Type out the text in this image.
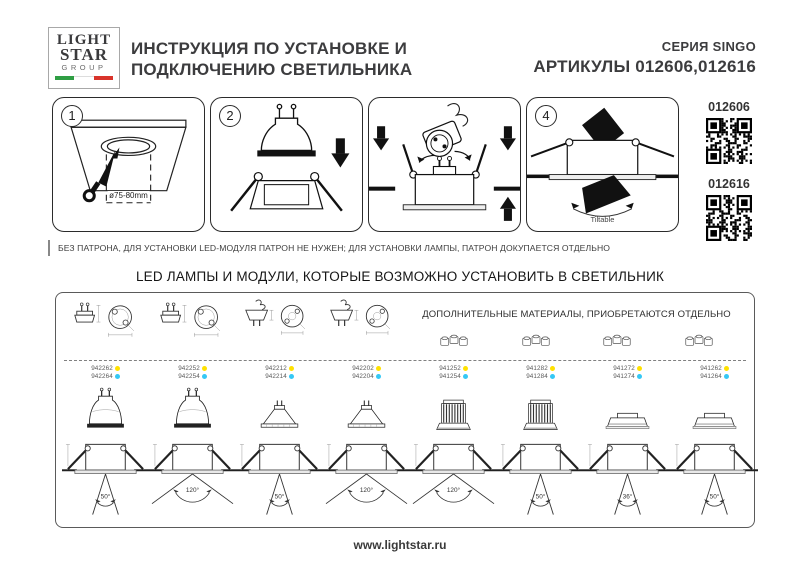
LIGHT
STAR
GROUP
ИНСТРУКЦИЯ ПО УСТАНОВКЕ И
ПОДКЛЮЧЕНИЮ СВЕТИЛЬНИКА
СЕРИЯ SINGO
АРТИКУЛЫ 012606,012616
1
ø75-80mm
2	4
Tiltable
012606
012616
БЕЗ ПАТРОНА, ДЛЯ УСТАНОВКИ LED-МОДУЛЯ ПАТРОН НЕ НУЖЕН; ДЛЯ УСТАНОВКИ ЛАМПЫ, ПАТРОН ДОКУПАЕТСЯ ОТДЕЛЬНО
LED ЛАМПЫ И МОДУЛИ, КОТОРЫЕ ВОЗМОЖНО УСТАНОВИТЬ В СВЕТИЛЬНИК
ДОПОЛНИТЕЛЬНЫЕ МАТЕРИАЛЫ, ПРИОБРЕТАЮТСЯ ОТДЕЛЬНО
942262
942264
50°
942252
942254
120°
942212
942214
50°
942202
942204
120°
941252
941254
120°
941282
941284
50°
941272
941274
36°
941262
941264
50°
www.lightstar.ru
